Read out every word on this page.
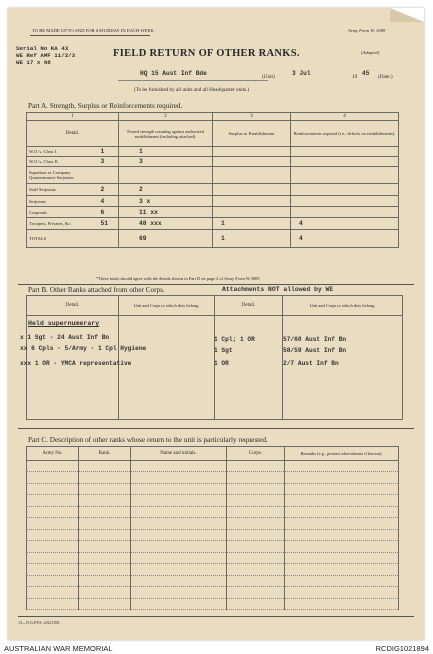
TO BE MADE UP TO AND FOR SATURDAY IN EACH WEEK.	Army Form W. 3009
Serial No KA 43
WE Ref AMF 11/2/3
WE 17 x 68
FIELD RETURN OF OTHER RANKS.	(Adapted)
HQ 15 Aust Inf Bde	(Unit)	3 Jul	19 45 (Date.)
(To be furnished by all units and all Headquarter units.)
Part A. Strength, Surplus or Reinforcements required.
1	2	3	4
Detail.	Posted strength counting against authorized establishment (including attached).	Surplus to Establishment	Reinforcements required (i.e., deficits on establishments).
W.O.'s, Class I.	1	1		
W.O.'s, Class II.	3	3		
Squadron or Company Quartermaster-Serjeants				
Staff Serjeants	2	2		
Serjeants	4	3 x		
Corporals	6	11 xx		
Troopers, Privates, &c.	51	48 xxx	1	4
TOTALS		69	1	4
*These totals should agree with the details shown in Part D on page 2 of Army Form W.3009.
Part B. Other Ranks attached from other Corps.	Attachments NOT allowed by WE
Detail.	Unit and Corps to which they belong.	Detail.	Unit and Corps to which they belong.

Held supernumerary
x 1 Sgt - 24 Aust Inf Bn
xx 6 Cpls - 5/Army - 1 Cpl Hygiene
xxx 1 OR - YMCA representative
1 Cpl; 1 OR	57/60 Aust Inf Bn
1 Sgt	58/59 Aust Inf Bn
1 OR	2/7 Aust Inf Bn
Part C. Description of other ranks whose return to the unit is particularly requested.
Army No.	Rank.	Name and initials.	Corps.	Remarks (e.g., present whereabouts if known).

13—N.G.P.P.S. 4/42/1001.
AUSTRALIAN WAR MEMORIAL	RCDIG1021894
